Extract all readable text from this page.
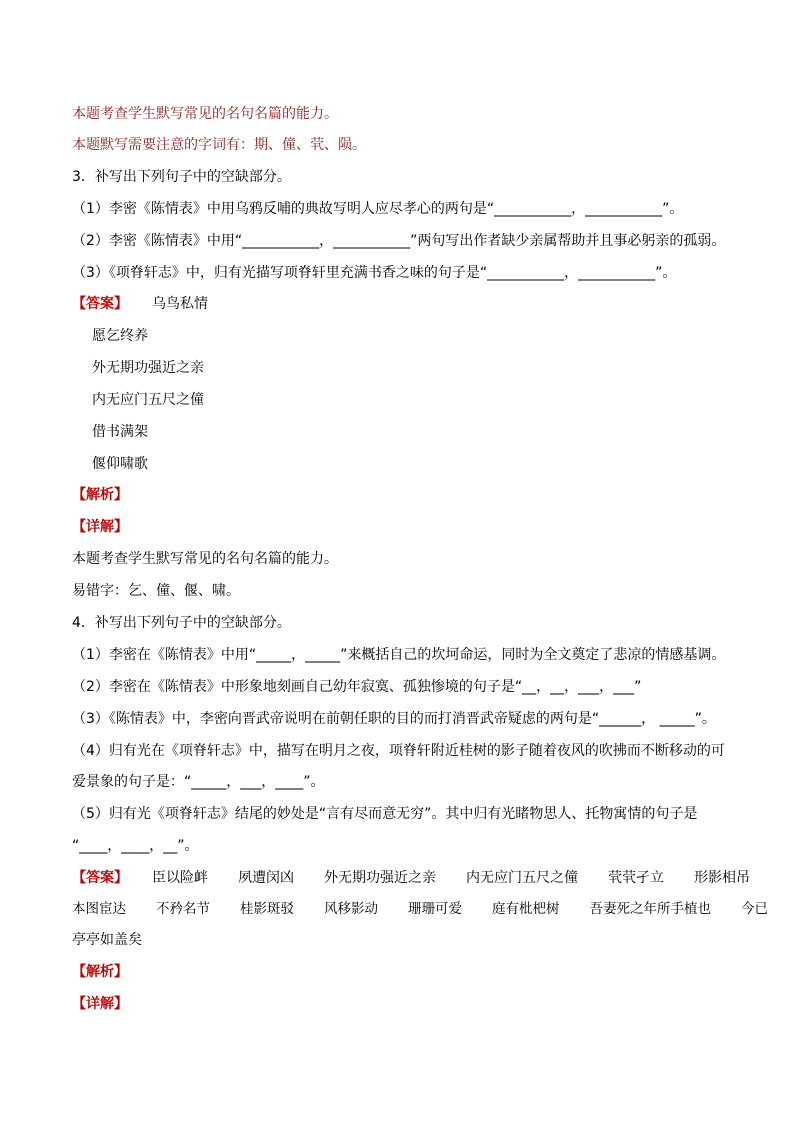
本题考查学生默写常见的名句名篇的能力。
本题默写需要注意的字词有：期、僮、茕、陨。
3．补写出下列句子中的空缺部分。
（1）李密《陈情表》中用乌鸦反哺的典故写明人应尽孝心的两句是“___________，___________”。
（2）李密《陈情表》中用“___________，___________”两句写出作者缺少亲属帮助并且事必躬亲的孤弱。
（3）《项脊轩志》中，归有光描写项脊轩里充满书香之味的句子是“___________，___________”。
【答案】 乌鸟私情
愿乞终养
外无期功强近之亲
内无应门五尺之僮
借书满架
偃仰啸歌
【解析】
【详解】
本题考查学生默写常见的名句名篇的能力。
易错字：乞、僮、偃、啸。
4．补写出下列句子中的空缺部分。
（1）李密在《陈情表》中用“_____，_____”来概括自己的坎坷命运，同时为全文奠定了悲凉的情感基调。
（2）李密在《陈情表》中形象地刻画自己幼年寂寞、孤独惨境的句子是“__，__，___，___”
（3）《陈情表》中，李密向晋武帝说明在前朝任职的目的而打消晋武帝疑虑的两句是“______， _____”。
（4）归有光在《项脊轩志》中，描写在明月之夜，项脊轩附近桂树的影子随着夜风的吹拂而不断移动的可
爱景象的句子是：“_____，___，____”。
（5）归有光《项脊轩志》结尾的妙处是“言有尽而意无穷”。其中归有光睹物思人、托物寓情的句子是
“____，____，__”。
【答案】 臣以险衅 夙遭闵凶 外无期功强近之亲 内无应门五尺之僮 茕茕孑立 形影相吊
本图宦达 不矜名节 桂影斑驳 风移影动 珊珊可爱 庭有枇杷树 吾妻死之年所手植也 今已
亭亭如盖矣
【解析】
【详解】
